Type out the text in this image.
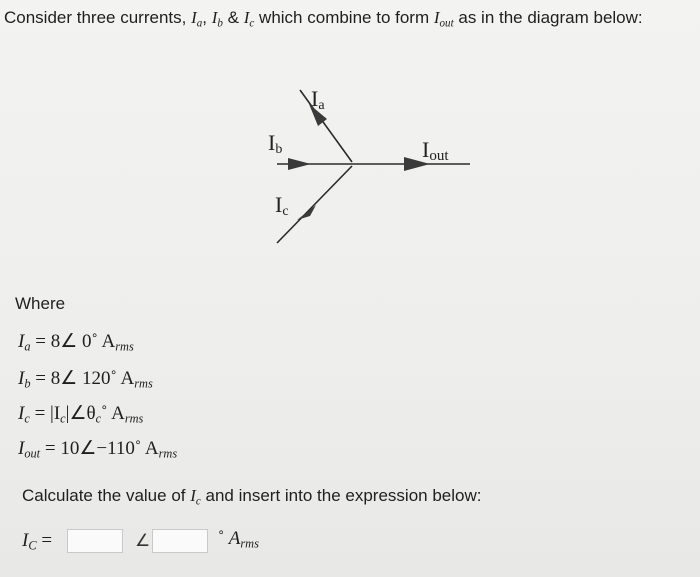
Consider three currents, $I_a$, $I_b$ & $I_c$ which combine to form $I_{out}$ as in the diagram below:
Ia
Ib
Ic
Iout
Where
$I_a$ = 8∠ 0˚ $A_{rms}$
$I_b$ = 8∠ 120˚ $A_{rms}$
$I_c$ = $|I_c|\angle\theta_c˚$ $A_{rms}$
$I_{out}$ = 10∠−110˚ $A_{rms}$
Calculate the value of $I_c$ and insert into the expression below:
$I_C$ =	∠	˚ $A_{rms}$
